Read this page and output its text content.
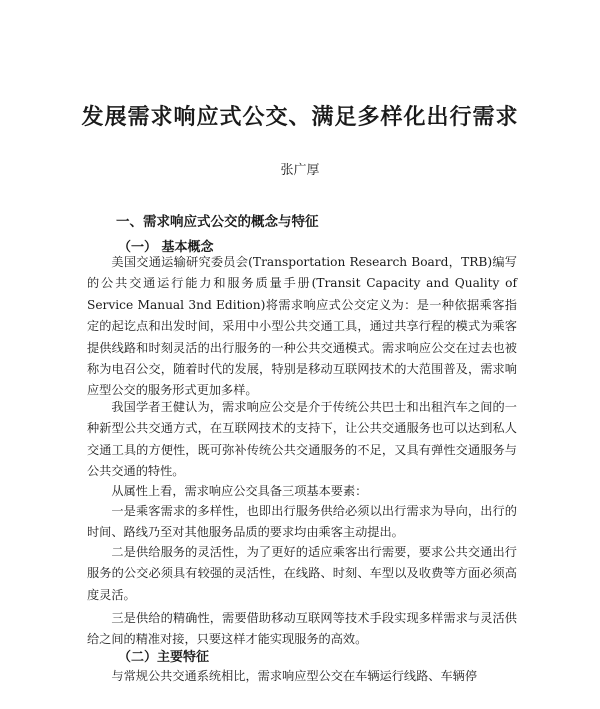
发展需求响应式公交、满足多样化出行需求
张广厚
一、需求响应式公交的概念与特征
（一） 基本概念

美国交通运输研究委员会(Transportation Research Board，TRB)编写的公共交通运行能力和服务质量手册(Transit Capacity and Quality of Service Manual 3nd Edition)将需求响应式公交定义为：是一种依据乘客指定的起讫点和出发时间，采用中小型公共交通工具，通过共享行程的模式为乘客提供线路和时刻灵活的出行服务的一种公共交通模式。需求响应公交在过去也被称为电召公交，随着时代的发展，特别是移动互联网技术的大范围普及，需求响应型公交的服务形式更加多样。

我国学者王健认为，需求响应公交是介于传统公共巴士和出租汽车之间的一种新型公共交通方式，在互联网技术的支持下，让公共交通服务也可以达到私人交通工具的方便性，既可弥补传统公共交通服务的不足，又具有弹性交通服务与公共交通的特性。

从属性上看，需求响应公交具备三项基本要素：

一是乘客需求的多样性，也即出行服务供给必须以出行需求为导向，出行的时间、路线乃至对其他服务品质的要求均由乘客主动提出。

二是供给服务的灵活性，为了更好的适应乘客出行需要，要求公共交通出行服务的公交必须具有较强的灵活性，在线路、时刻、车型以及收费等方面必须高度灵活。

三是供给的精确性，需要借助移动互联网等技术手段实现多样需求与灵活供给之间的精准对接，只要这样才能实现服务的高效。

（二）主要特征

与常规公共交通系统相比，需求响应型公交在车辆运行线路、车辆停
